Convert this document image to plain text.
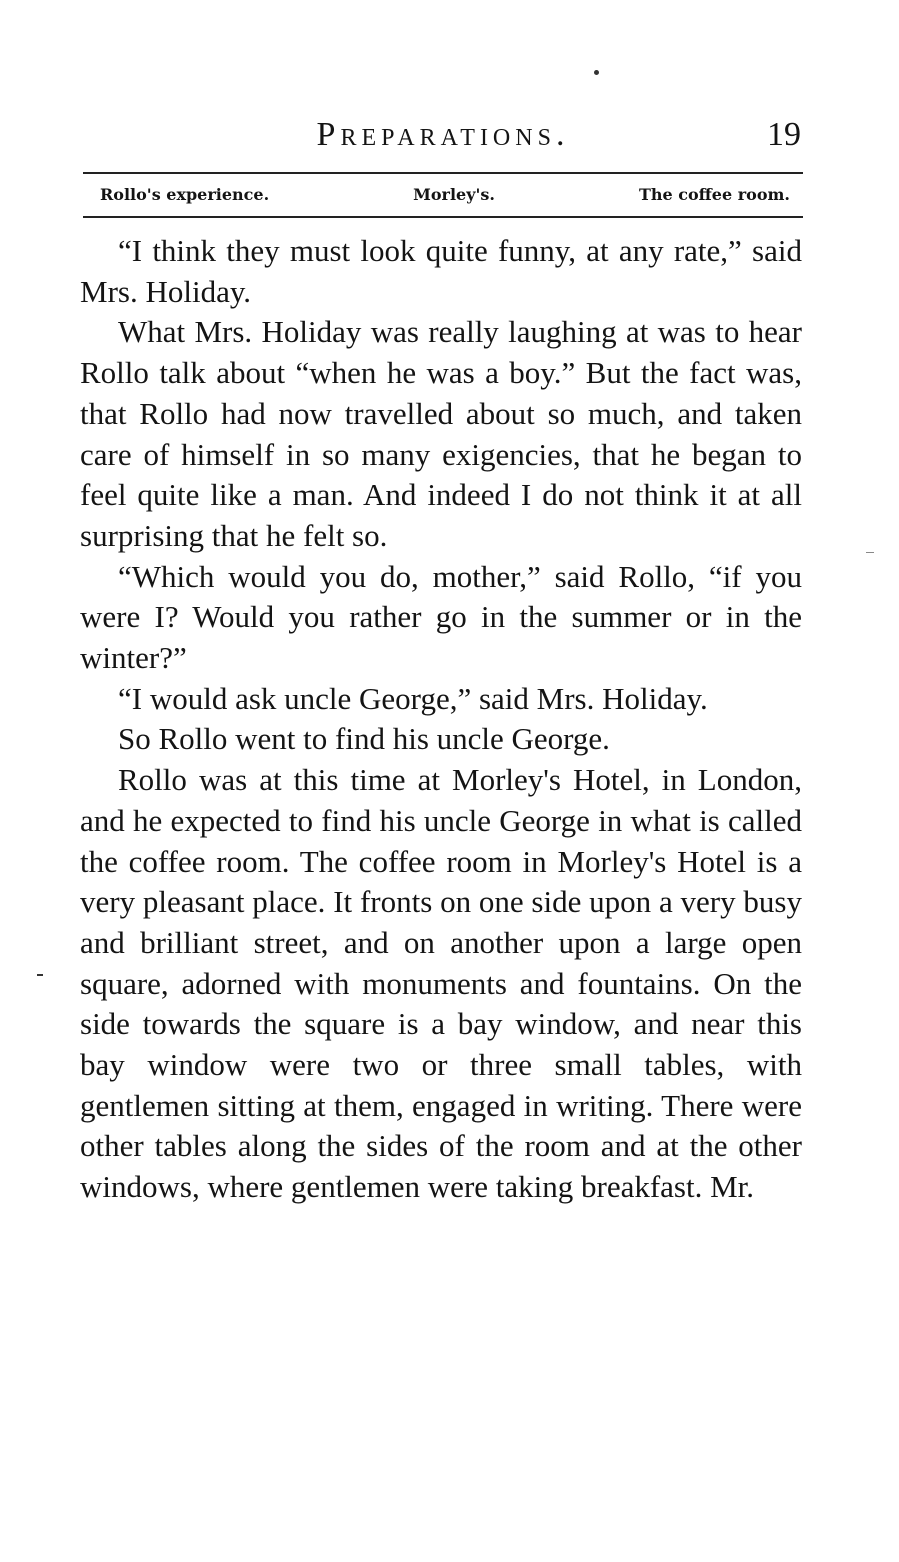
Preparations.	19
Rollo's experience.	Morley's.	The coffee room.

“I think they must look quite funny, at any rate,” said Mrs. Holiday.

What Mrs. Holiday was really laughing at was to hear Rollo talk about “when he was a boy.” But the fact was, that Rollo had now travelled about so much, and taken care of himself in so many exigencies, that he began to feel quite like a man. And indeed I do not think it at all surprising that he felt so.

“Which would you do, mother,” said Rollo, “if you were I? Would you rather go in the summer or in the winter?”

“I would ask uncle George,” said Mrs. Holiday.

So Rollo went to find his uncle George.

Rollo was at this time at Morley's Hotel, in London, and he expected to find his uncle George in what is called the coffee room. The coffee room in Morley's Hotel is a very pleasant place. It fronts on one side upon a very busy and brilliant street, and on another upon a large open square, adorned with monuments and fountains. On the side towards the square is a bay window, and near this bay window were two or three small tables, with gentlemen sitting at them, engaged in writing. There were other tables along the sides of the room and at the other windows, where gentlemen were taking breakfast. Mr.
